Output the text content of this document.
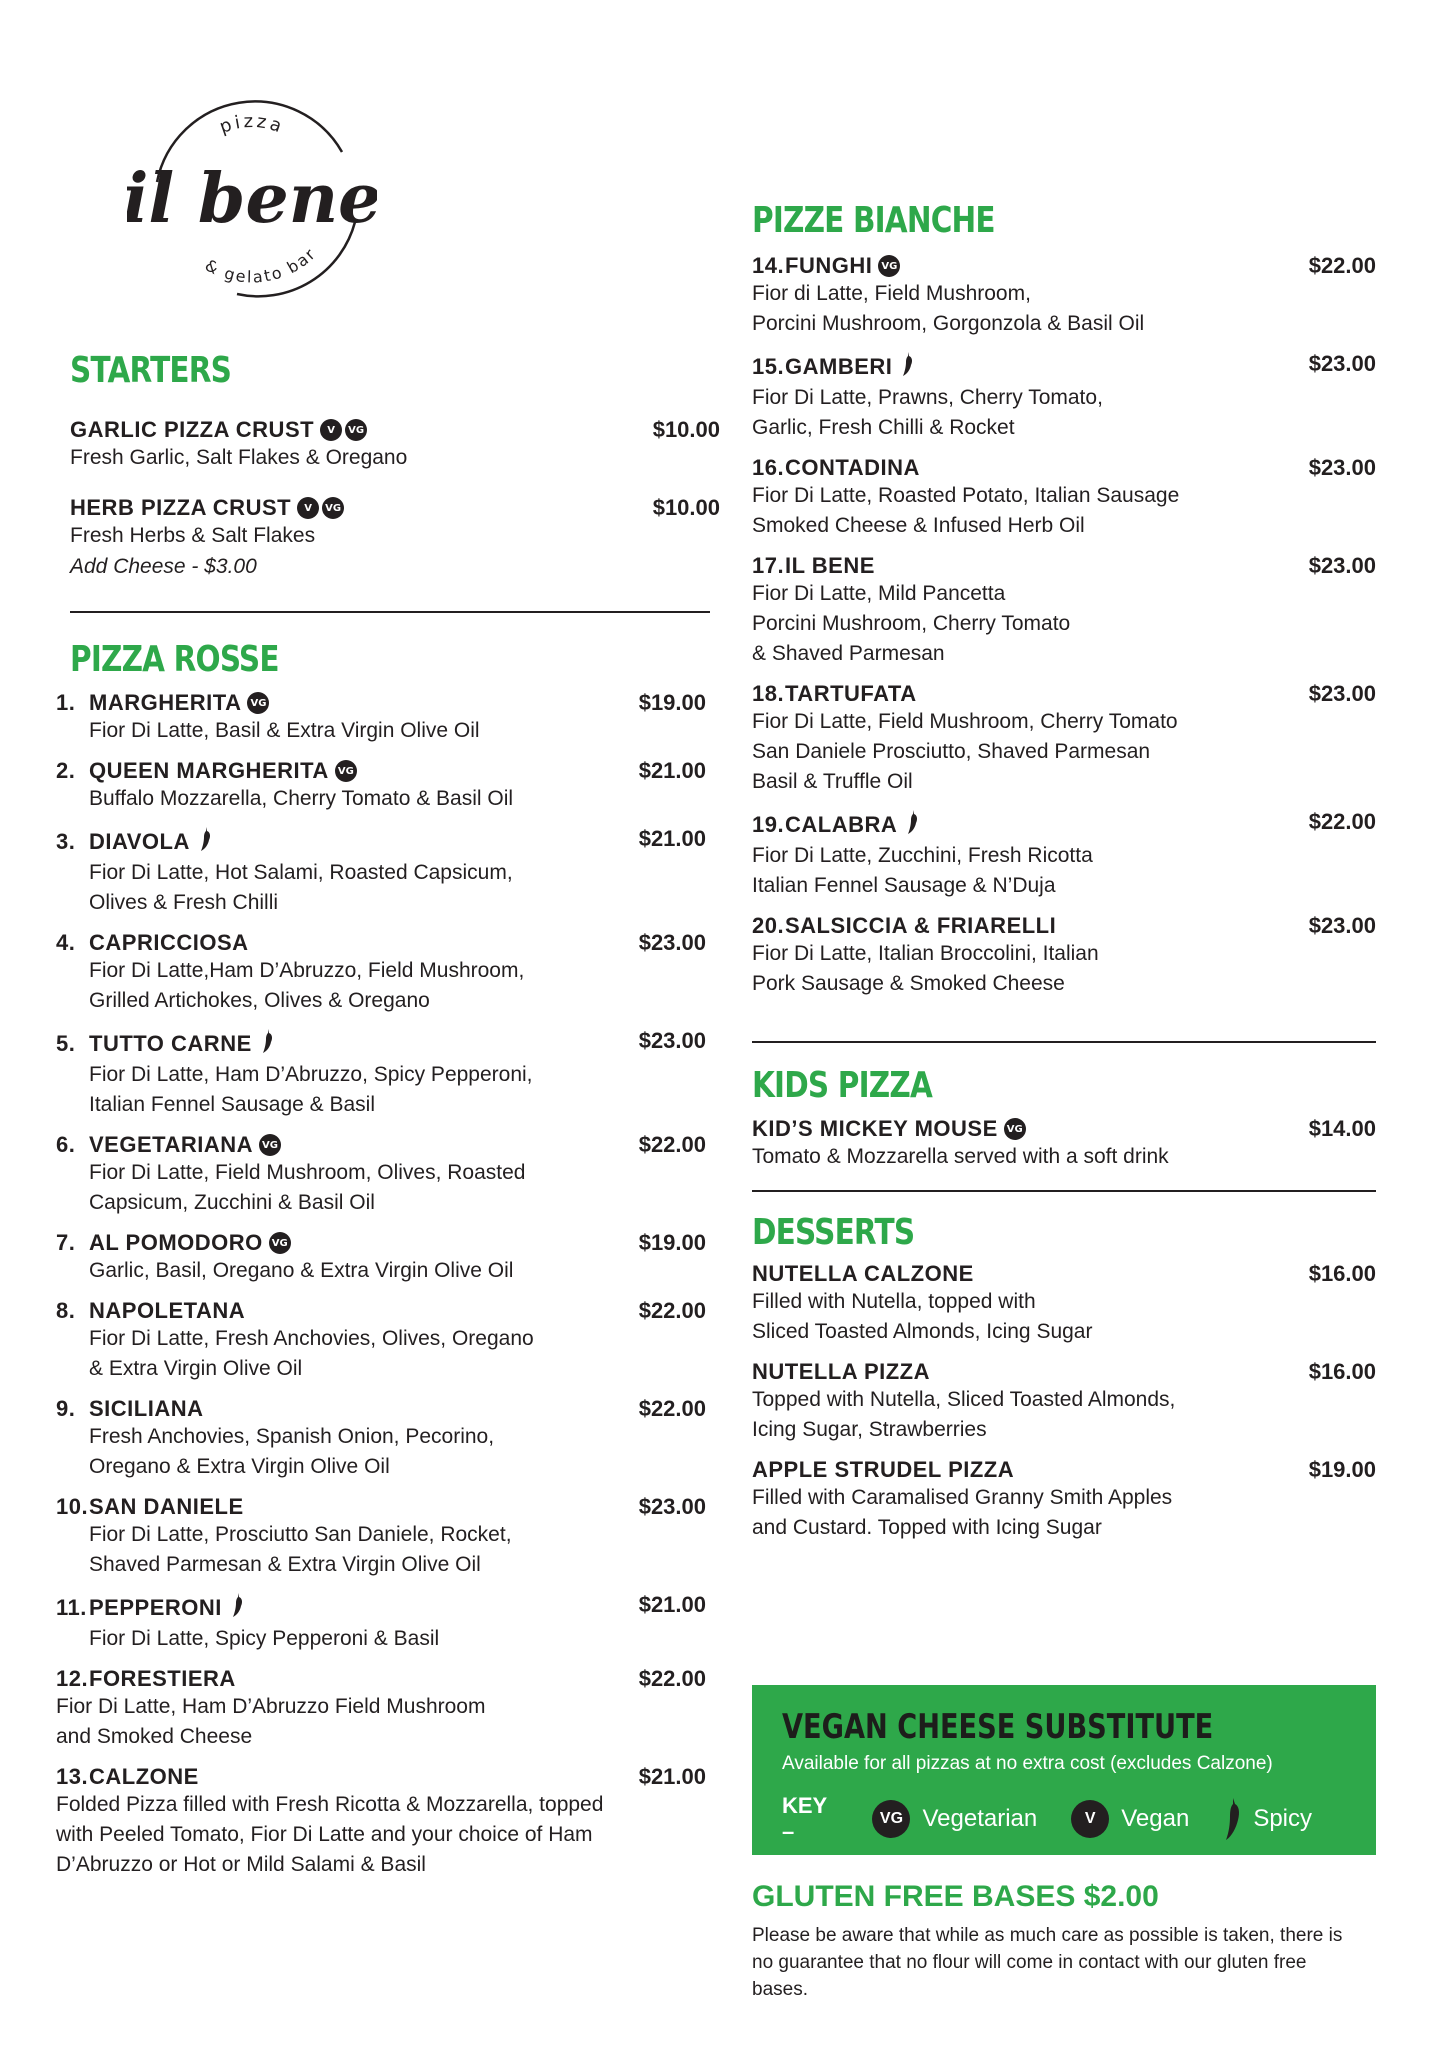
pizza
il bene
& gelato bar
STARTERS
GARLIC PIZZA CRUST	V	VG	$10.00
Fresh Garlic, Salt Flakes & Oregano
HERB PIZZA CRUST	V	VG	$10.00
Fresh Herbs & Salt Flakes
Add Cheese - $3.00
PIZZA ROSSE
1. MARGHERITA VG	$19.00
Fior Di Latte, Basil & Extra Virgin Olive Oil
2. QUEEN MARGHERITA VG	$21.00
Buffalo Mozzarella, Cherry Tomato & Basil Oil
3. DIAVOLA	$21.00
Fior Di Latte, Hot Salami, Roasted Capsicum,
Olives & Fresh Chilli
4. CAPRICCIOSA	$23.00
Fior Di Latte,Ham D’Abruzzo, Field Mushroom,
Grilled Artichokes, Olives & Oregano
5. TUTTO CARNE	$23.00
Fior Di Latte, Ham D’Abruzzo, Spicy Pepperoni,
Italian Fennel Sausage & Basil
6. VEGETARIANA VG	$22.00
Fior Di Latte, Field Mushroom, Olives, Roasted
Capsicum, Zucchini & Basil Oil
7. AL POMODORO VG	$19.00
Garlic, Basil, Oregano & Extra Virgin Olive Oil
8. NAPOLETANA	$22.00
Fior Di Latte, Fresh Anchovies, Olives, Oregano
& Extra Virgin Olive Oil
9. SICILIANA	$22.00
Fresh Anchovies, Spanish Onion, Pecorino,
Oregano & Extra Virgin Olive Oil
10. SAN DANIELE	$23.00
Fior Di Latte, Prosciutto San Daniele, Rocket,
Shaved Parmesan & Extra Virgin Olive Oil
11. PEPPERONI	$21.00
Fior Di Latte, Spicy Pepperoni & Basil
12. FORESTIERA	$22.00
Fior Di Latte, Ham D’Abruzzo Field Mushroom
and Smoked Cheese
13. CALZONE	$21.00
Folded Pizza filled with Fresh Ricotta & Mozzarella, topped
with Peeled Tomato, Fior Di Latte and your choice of Ham
D’Abruzzo or Hot or Mild Salami & Basil
PIZZE BIANCHE
14. FUNGHI VG	$22.00
Fior di Latte, Field Mushroom,
Porcini Mushroom, Gorgonzola & Basil Oil
15. GAMBERI	$23.00
Fior Di Latte, Prawns, Cherry Tomato,
Garlic, Fresh Chilli & Rocket
16. CONTADINA	$23.00
Fior Di Latte, Roasted Potato, Italian Sausage
Smoked Cheese & Infused Herb Oil
17. IL BENE	$23.00
Fior Di Latte, Mild Pancetta
Porcini Mushroom, Cherry Tomato
& Shaved Parmesan
18. TARTUFATA	$23.00
Fior Di Latte, Field Mushroom, Cherry Tomato
San Daniele Prosciutto, Shaved Parmesan
Basil & Truffle Oil
19. CALABRA	$22.00
Fior Di Latte, Zucchini, Fresh Ricotta
Italian Fennel Sausage & N’Duja
20. SALSICCIA & FRIARELLI	$23.00
Fior Di Latte, Italian Broccolini, Italian
Pork Sausage & Smoked Cheese
KIDS PIZZA
KID’S MICKEY MOUSE VG	$14.00
Tomato & Mozzarella served with a soft drink
DESSERTS
NUTELLA CALZONE	$16.00
Filled with Nutella, topped with
Sliced Toasted Almonds, Icing Sugar
NUTELLA PIZZA	$16.00
Topped with Nutella, Sliced Toasted Almonds,
Icing Sugar, Strawberries
APPLE STRUDEL PIZZA	$19.00
Filled with Caramalised Granny Smith Apples
and Custard. Topped with Icing Sugar
VEGAN CHEESE SUBSTITUTE
Available for all pizzas at no extra cost (excludes Calzone)
KEY –
VG Vegetarian	V	Vegan	Spicy
GLUTEN FREE BASES $2.00
Please be aware that while as much care as possible is taken, there is no guarantee that no flour will come in contact with our gluten free bases.
